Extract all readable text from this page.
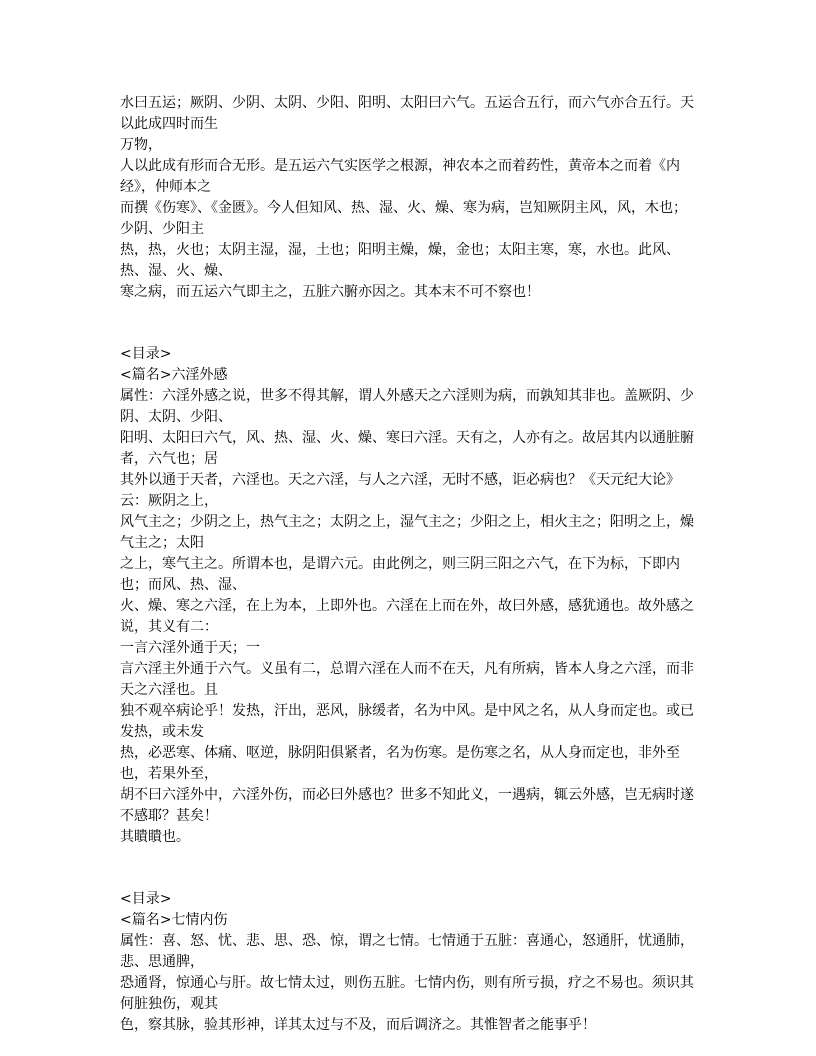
水曰五运；厥阴、少阴、太阴、少阳、阳明、太阳曰六气。五运合五行，而六气亦合五行。天以此成四时而生

万物，

人以此成有形而合无形。是五运六气实医学之根源，神农本之而着药性，黄帝本之而着《内经》，仲师本之

而撰《伤寒》、《金匮》。今人但知风、热、湿、火、燥、寒为病，岂知厥阴主风，风，木也；少阴、少阳主

热，热，火也；太阴主湿，湿，土也；阳明主燥，燥，金也；太阳主寒，寒，水也。此风、热、湿、火、燥、

寒之病，而五运六气即主之，五脏六腑亦因之。其本末不可不察也！

<目录>

<篇名>六淫外感

属性：六淫外感之说，世多不得其解，谓人外感天之六淫则为病，而孰知其非也。盖厥阴、少阴、太阴、少阳、

阳明、太阳曰六气，风、热、湿、火、燥、寒曰六淫。天有之，人亦有之。故居其内以通脏腑者，六气也；居

其外以通于天者，六淫也。天之六淫，与人之六淫，无时不感，讵必病也？《天元纪大论》云：厥阴之上，

风气主之；少阴之上，热气主之；太阴之上，湿气主之；少阳之上，相火主之；阳明之上，燥气主之；太阳

之上，寒气主之。所谓本也，是谓六元。由此例之，则三阴三阳之六气，在下为标，下即内也；而风、热、湿、

火、燥、寒之六淫，在上为本，上即外也。六淫在上而在外，故曰外感，感犹通也。故外感之说，其义有二：

一言六淫外通于天；一

言六淫主外通于六气。义虽有二，总谓六淫在人而不在天，凡有所病，皆本人身之六淫，而非天之六淫也。且

独不观卒病论乎！发热，汗出，恶风，脉缓者，名为中风。是中风之名，从人身而定也。或已发热，或未发

热，必恶寒、体痛、呕逆，脉阴阳俱紧者，名为伤寒。是伤寒之名，从人身而定也，非外至也，若果外至，

胡不曰六淫外中，六淫外伤，而必曰外感也？世多不知此义，一遇病，辄云外感，岂无病时遂不感耶？甚矣！

其瞶瞶也。

<目录>

<篇名>七情内伤

属性：喜、怒、忧、悲、思、恐、惊，谓之七情。七情通于五脏：喜通心，怒通肝，忧通肺，悲、思通脾，

恐通肾，惊通心与肝。故七情太过，则伤五脏。七情内伤，则有所亏损，疗之不易也。须识其何脏独伤，观其

色，察其脉，验其形神，详其太过与不及，而后调济之。其惟智者之能事乎！
